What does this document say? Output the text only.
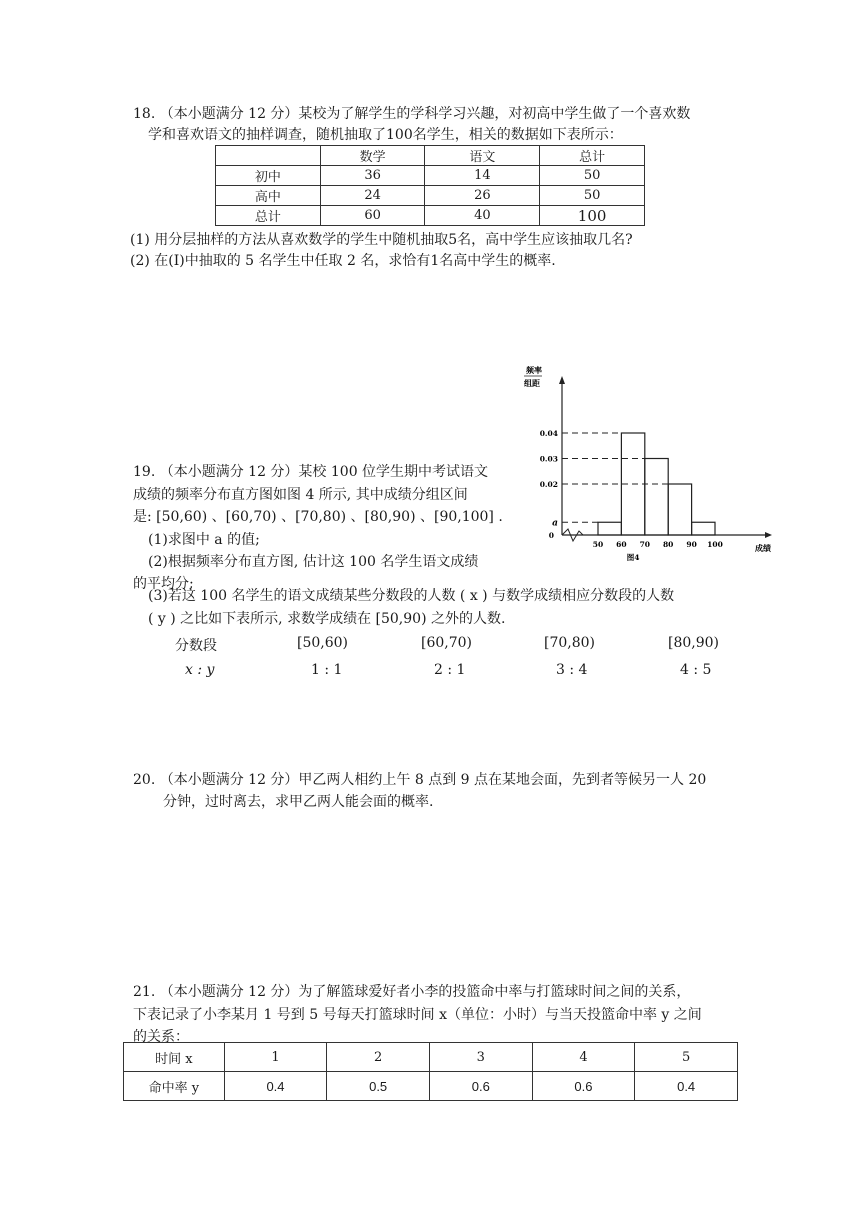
18. （本小题满分 12 分）某校为了解学生的学科学习兴趣，对初高中学生做了一个喜欢数
学和喜欢语文的抽样调查，随机抽取了100名学生，相关的数据如下表所示：
	数学	语文	总计
初中	36	14	50
高中	24	26	50
总计	60	40	100
(1) 用分层抽样的方法从喜欢数学的学生中随机抽取5名，高中学生应该抽取几名?
(2) 在(Ⅰ)中抽取的 5 名学生中任取 2 名，求恰有1名高中学生的概率.
19. （本小题满分 12 分）某校 100 位学生期中考试语文
成绩的频率分布直方图如图 4 所示, 其中成绩分组区间
是: [50,60) 、[60,70) 、[70,80) 、[80,90) 、[90,100] .
(1)求图中 a 的值;
(2)根据频率分布直方图, 估计这 100 名学生语文成绩
的平均分;
(3)若这 100 名学生的语文成绩某些分数段的人数 ( x ) 与数学成绩相应分数段的人数
( y ) 之比如下表所示, 求数学成绩在 [50,90) 之外的人数.
分数段	[50,60)	[60,70)	[70,80)	[80,90)
x : y	1 : 1	2 : 1	3 : 4	4 : 5
频率
组距
a
0.02
0.03
0.04
50 60 70 80 90 100
0
成绩
图4
20. （本小题满分 12 分）甲乙两人相约上午 8 点到 9 点在某地会面，先到者等候另一人 20
分钟，过时离去，求甲乙两人能会面的概率.
21. （本小题满分 12 分）为了解篮球爱好者小李的投篮命中率与打篮球时间之间的关系，
下表记录了小李某月 1 号到 5 号每天打篮球时间 x（单位：小时）与当天投篮命中率 y 之间
的关系：
时间 x	1	2	3	4	5
命中率 y	0.4	0.5	0.6	0.6	0.4
